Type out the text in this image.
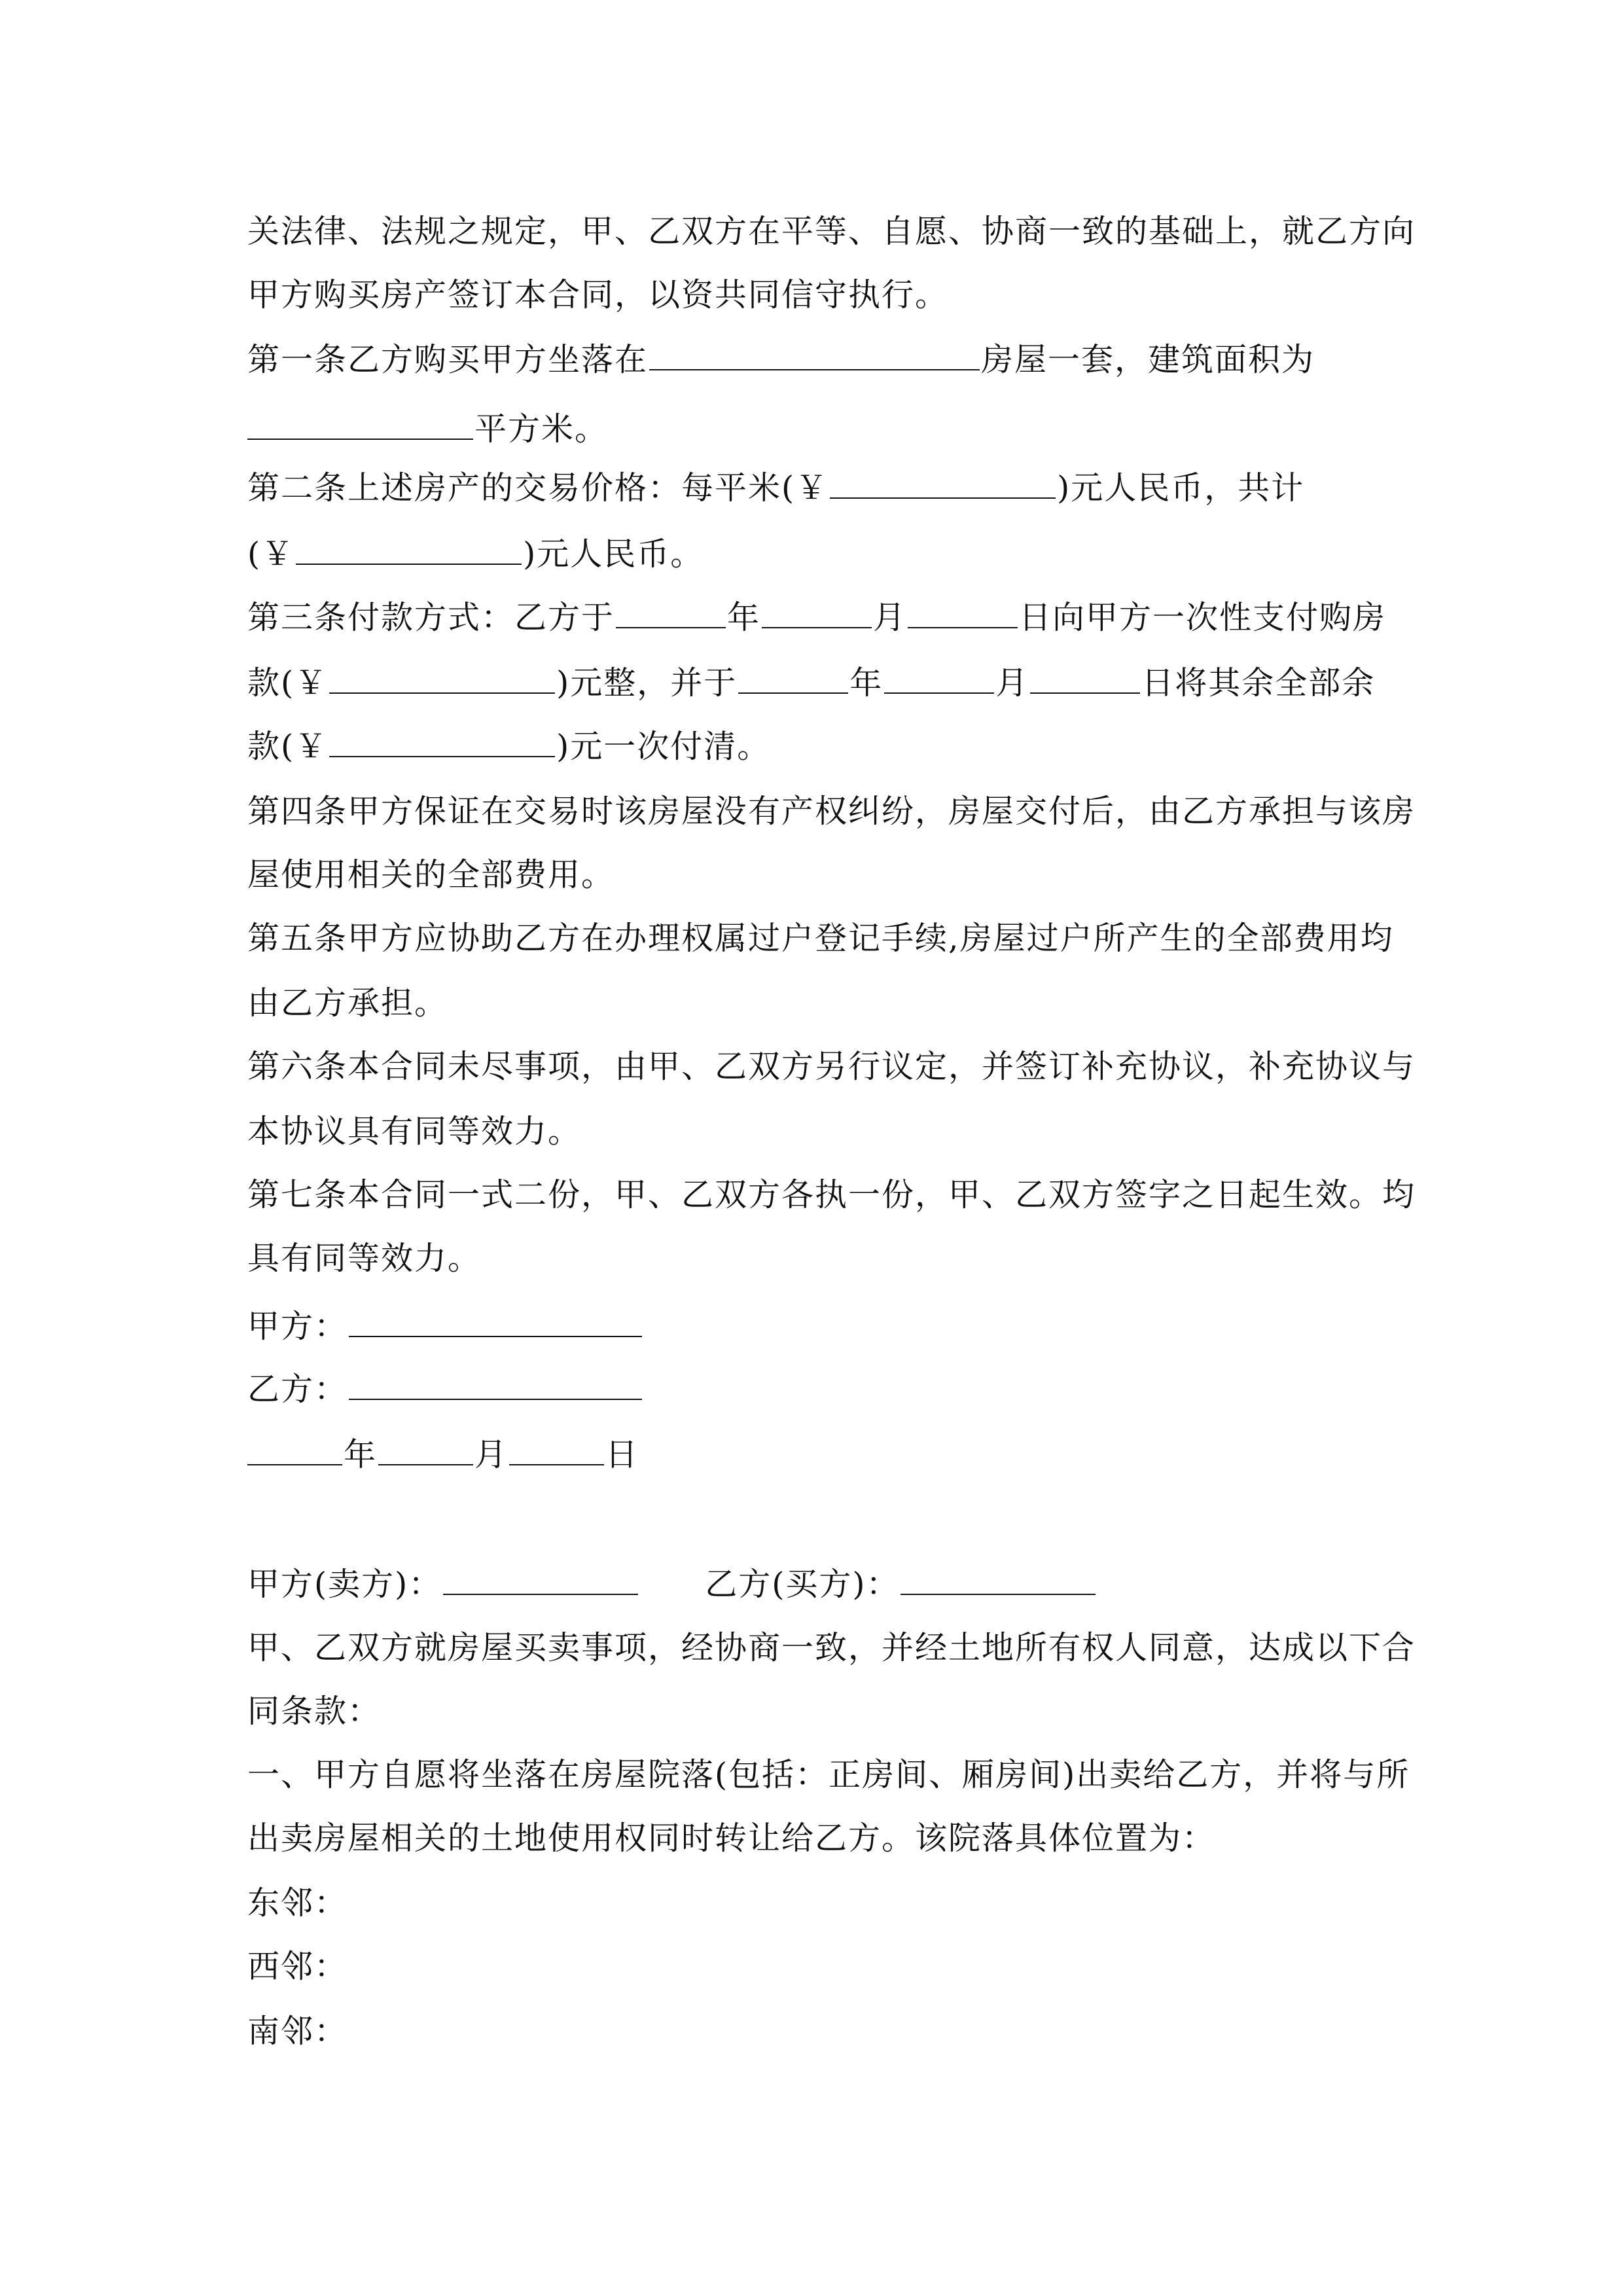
关法律、法规之规定，甲、乙双方在平等、自愿、协商一致的基础上，就乙方向
甲方购买房产签订本合同，以资共同信守执行。
第一条乙方购买甲方坐落在	房屋一套，建筑面积为
平方米。
第二条上述房产的交易价格：每平米(￥	)元人民币，共计
(￥	)元人民币。
第三条付款方式：乙方于	年	月	日向甲方一次性支付购房
款(￥	)元整，并于	年	月	日将其余全部余
款(￥	)元一次付清。
第四条甲方保证在交易时该房屋没有产权纠纷，房屋交付后，由乙方承担与该房
屋使用相关的全部费用。
第五条甲方应协助乙方在办理权属过户登记手续,房屋过户所产生的全部费用均
由乙方承担。
第六条本合同未尽事项，由甲、乙双方另行议定，并签订补充协议，补充协议与
本协议具有同等效力。
第七条本合同一式二份，甲、乙双方各执一份，甲、乙双方签字之日起生效。均
具有同等效力。
甲方：
乙方：
年	月	日
甲方(卖方)：	乙方(买方)：
甲、乙双方就房屋买卖事项，经协商一致，并经土地所有权人同意，达成以下合
同条款：
一、甲方自愿将坐落在房屋院落(包括：正房间、厢房间)出卖给乙方，并将与所
出卖房屋相关的土地使用权同时转让给乙方。该院落具体位置为：
东邻：
西邻：
南邻：
